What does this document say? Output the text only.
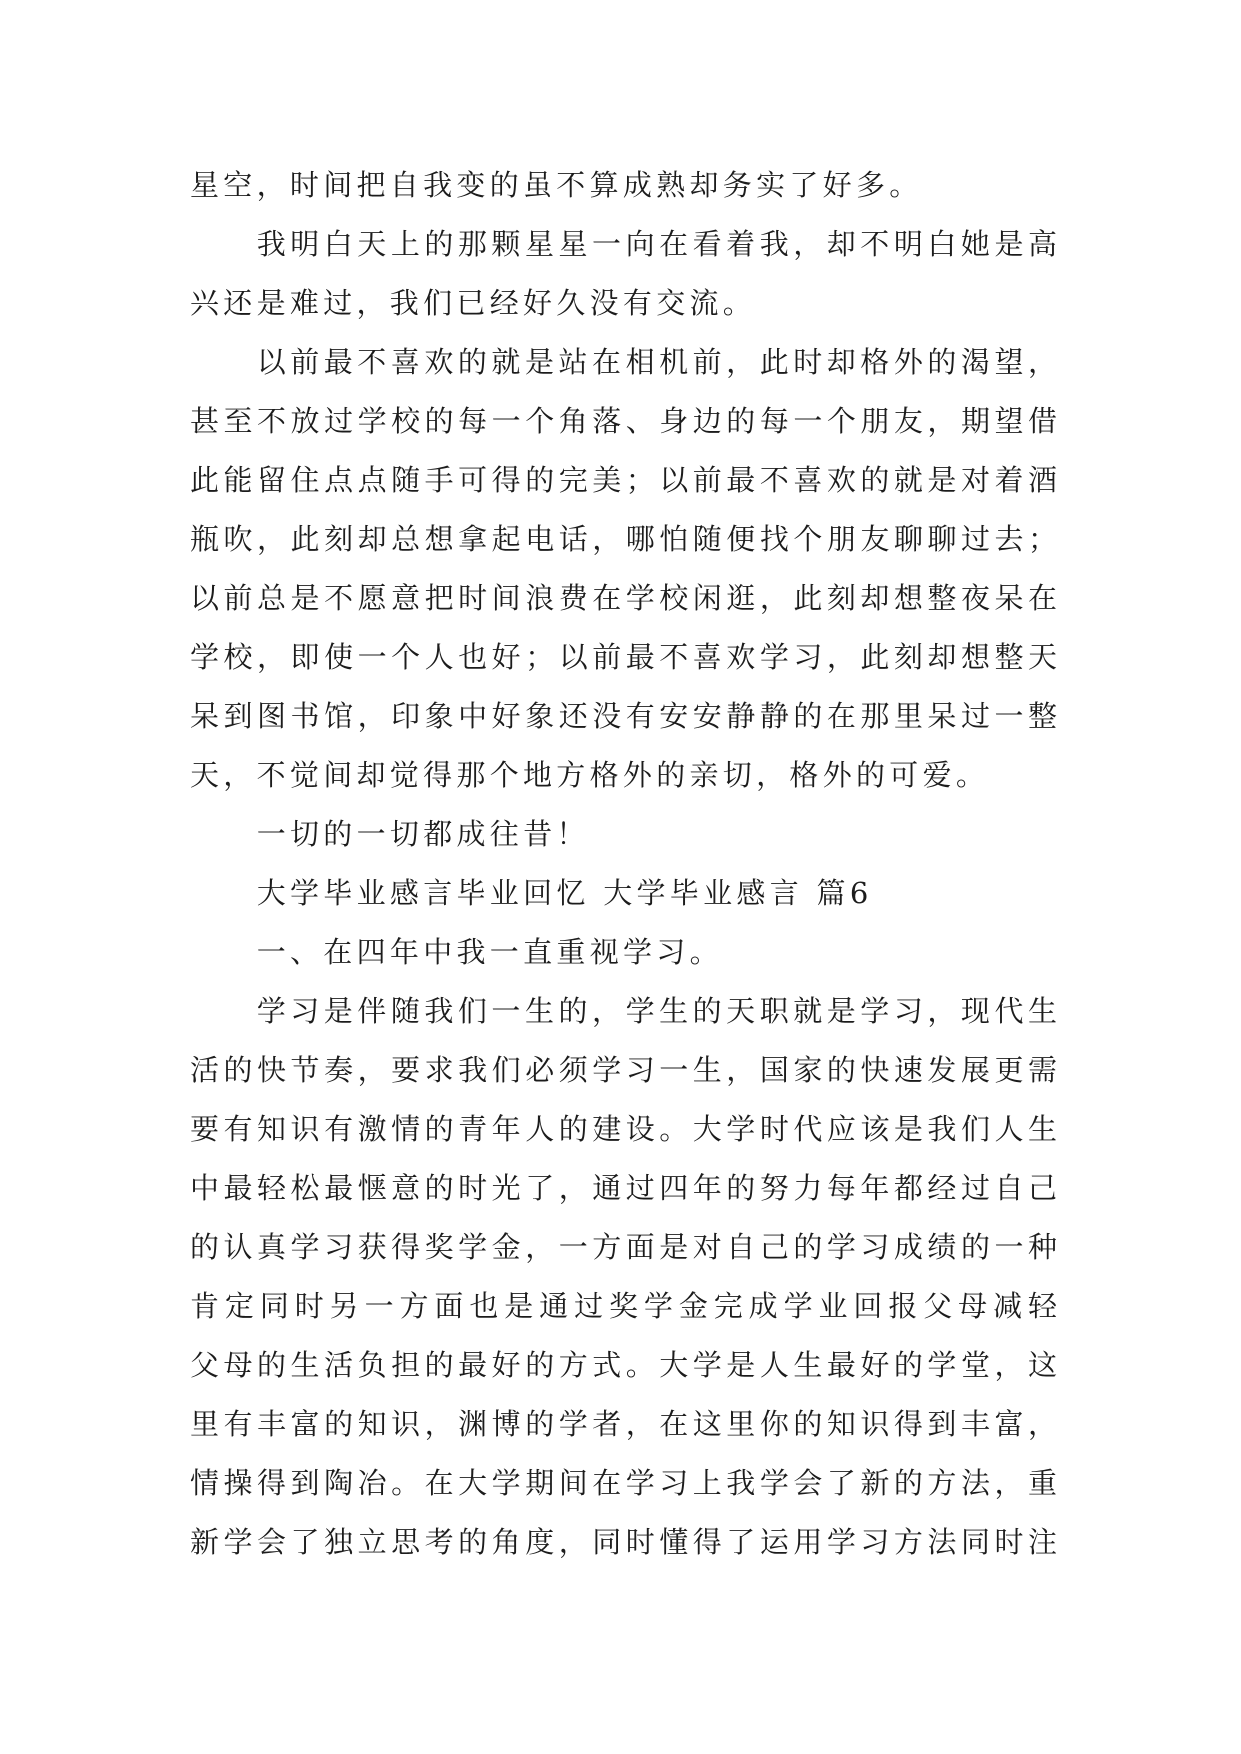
星空，时间把自我变的虽不算成熟却务实了好多。
我明白天上的那颗星星一向在看着我，却不明白她是高
兴还是难过，我们已经好久没有交流。
以前最不喜欢的就是站在相机前，此时却格外的渴望，
甚至不放过学校的每一个角落、身边的每一个朋友，期望借
此能留住点点随手可得的完美；以前最不喜欢的就是对着酒
瓶吹，此刻却总想拿起电话，哪怕随便找个朋友聊聊过去；
以前总是不愿意把时间浪费在学校闲逛，此刻却想整夜呆在
学校，即使一个人也好；以前最不喜欢学习，此刻却想整天
呆到图书馆，印象中好象还没有安安静静的在那里呆过一整
天，不觉间却觉得那个地方格外的亲切，格外的可爱。
一切的一切都成往昔！
大学毕业感言毕业回忆 大学毕业感言 篇6
一、在四年中我一直重视学习。
学习是伴随我们一生的，学生的天职就是学习，现代生
活的快节奏，要求我们必须学习一生，国家的快速发展更需
要有知识有激情的青年人的建设。大学时代应该是我们人生
中最轻松最惬意的时光了，通过四年的努力每年都经过自己
的认真学习获得奖学金，一方面是对自己的学习成绩的一种
肯定同时另一方面也是通过奖学金完成学业回报父母减轻
父母的生活负担的最好的方式。大学是人生最好的学堂，这
里有丰富的知识，渊博的学者，在这里你的知识得到丰富，
情操得到陶冶。在大学期间在学习上我学会了新的方法，重
新学会了独立思考的角度，同时懂得了运用学习方法同时注
